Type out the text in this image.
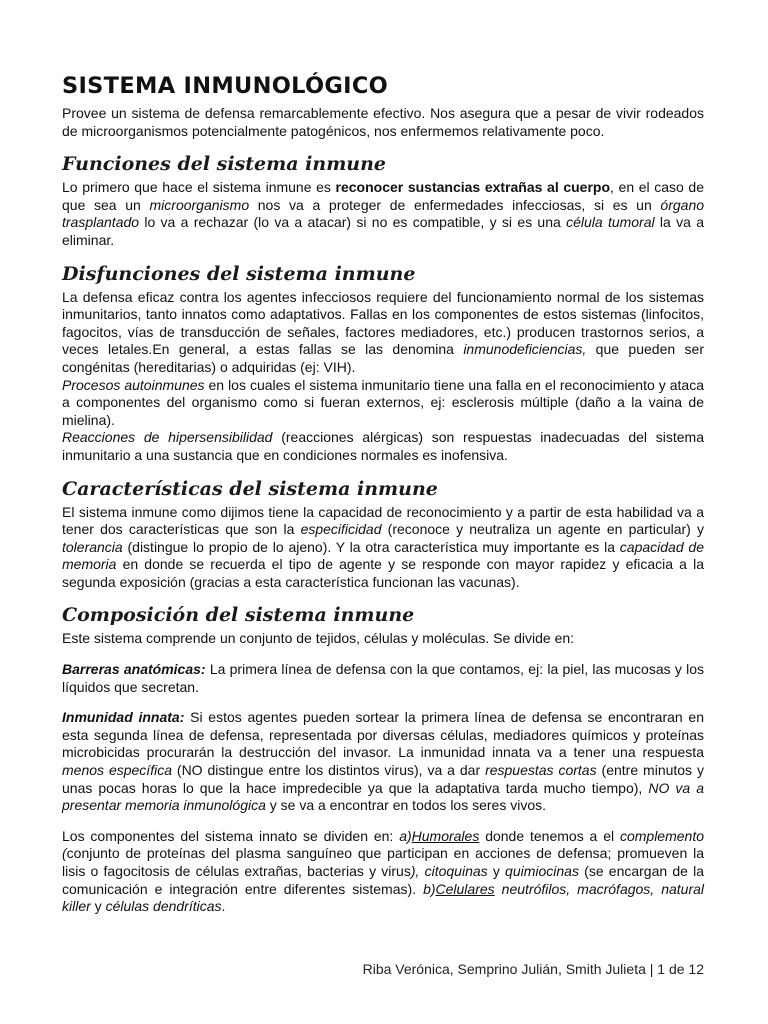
SISTEMA INMUNOLÓGICO

Provee un sistema de defensa remarcablemente efectivo. Nos asegura que a pesar de vivir rodeados de microorganismos potencialmente patogénicos, nos enfermemos relativamente poco.

Funciones del sistema inmune

Lo primero que hace el sistema inmune es reconocer sustancias extrañas al cuerpo, en el caso de que sea un microorganismo nos va a proteger de enfermedades infecciosas, si es un órgano trasplantado lo va a rechazar (lo va a atacar) si no es compatible, y si es una célula tumoral la va a eliminar.

Disfunciones del sistema inmune

La defensa eficaz contra los agentes infecciosos requiere del funcionamiento normal de los sistemas inmunitarios, tanto innatos como adaptativos. Fallas en los componentes de estos sistemas (linfocitos, fagocitos, vías de transducción de señales, factores mediadores, etc.) producen trastornos serios, a veces letales.En general, a estas fallas se las denomina inmunodeficiencias, que pueden ser congénitas (hereditarias) o adquiridas (ej: VIH).

Procesos autoinmunes en los cuales el sistema inmunitario tiene una falla en el reconocimiento y ataca a componentes del organismo como si fueran externos, ej: esclerosis múltiple (daño a la vaina de mielina).

Reacciones de hipersensibilidad (reacciones alérgicas) son respuestas inadecuadas del sistema inmunitario a una sustancia que en condiciones normales es inofensiva.

Características del sistema inmune

El sistema inmune como dijimos tiene la capacidad de reconocimiento y a partir de esta habilidad va a tener dos características que son la especificidad (reconoce y neutraliza un agente en particular) y tolerancia (distingue lo propio de lo ajeno). Y la otra característica muy importante es la capacidad de memoria en donde se recuerda el tipo de agente y se responde con mayor rapidez y eficacia a la segunda exposición (gracias a esta característica funcionan las vacunas).

Composición del sistema inmune

Este sistema comprende un conjunto de tejidos, células y moléculas. Se divide en:

Barreras anatómicas: La primera línea de defensa con la que contamos, ej: la piel, las mucosas y los líquidos que secretan.

Inmunidad innata: Si estos agentes pueden sortear la primera línea de defensa se encontraran en esta segunda línea de defensa, representada por diversas células, mediadores químicos y proteínas microbicidas procurarán la destrucción del invasor. La inmunidad innata va a tener una respuesta menos específica (NO distingue entre los distintos virus), va a dar respuestas cortas (entre minutos y unas pocas horas lo que la hace impredecible ya que la adaptativa tarda mucho tiempo), NO va a presentar memoria inmunológica y se va a encontrar en todos los seres vivos.

Los componentes del sistema innato se dividen en: a)Humorales donde tenemos a el complemento (conjunto de proteínas del plasma sanguíneo que participan en acciones de defensa; promueven la lisis o fagocitosis de células extrañas, bacterias y virus), citoquinas y quimiocinas (se encargan de la comunicación e integración entre diferentes sistemas). b)Celulares neutrófilos, macrófagos, natural killer y células dendríticas.

Riba Verónica, Semprino Julián, Smith Julieta | 1 de 12
